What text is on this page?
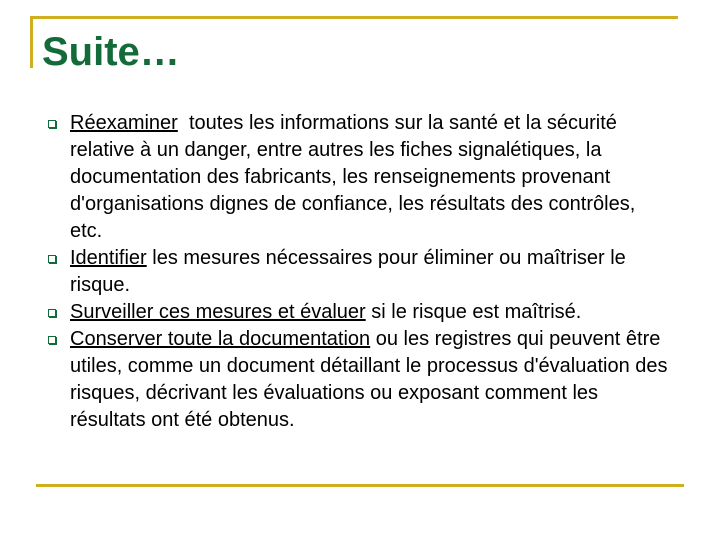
Suite…
Réexaminer  toutes les informations sur la santé et la sécurité relative à un danger, entre autres les fiches signalétiques, la documentation des fabricants, les renseignements provenant d'organisations dignes de confiance, les résultats des contrôles, etc.
Identifier les mesures nécessaires pour éliminer ou maîtriser le risque.
Surveiller ces mesures et évaluer si le risque est maîtrisé.
Conserver toute la documentation ou les registres qui peuvent être utiles, comme un document détaillant le processus d'évaluation des risques, décrivant les évaluations ou exposant comment les résultats ont été obtenus.
